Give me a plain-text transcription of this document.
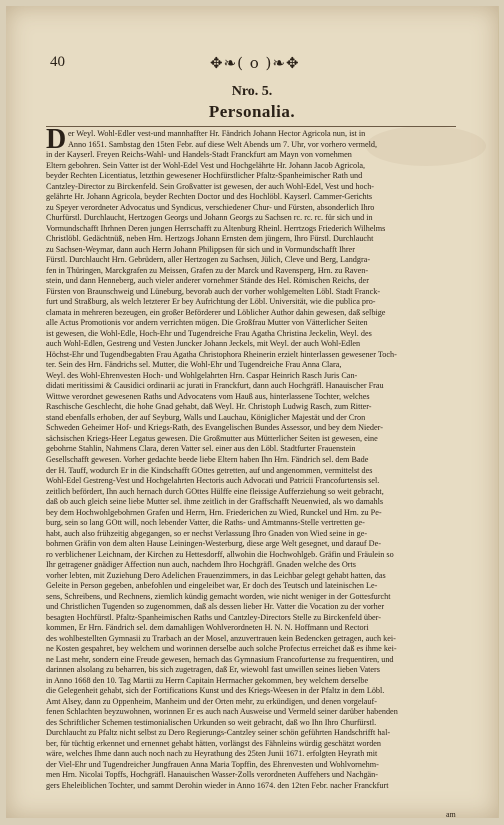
40	✥❧( o )❧✥
Nro. 5.
Personalia.
D er Weyl. Wohl-Edler vest-und mannhaffter Hr. Fändrich Johann Hector Agricola nun, ist in
Anno 1651. Sambstag den 15ten Febr. auf diese Welt Abends um 7. Uhr, vor vorhero vermeld,
in der Kayserl. Freyen Reichs-Wahl- und Handels-Stadt Franckfurt am Mayn von vornehmen
Eltern gebohren. Sein Vatter ist der Wohl-Edel Vest und Hochgelährte Hr. Johann Jacob Agricola,
beyder Rechten Licentiatus, letzthin gewesener Hochfürstlicher Pfaltz-Spanheimischer Rath und
Cantzley-Director zu Birckenfeld. Sein Großvatter ist gewesen, der auch Wohl-Edel, Vest und hoch-
gelährte Hr. Johann Agricola, beyder Rechten Doctor und des Hochlöbl. Kayserl. Cammer-Gerichts
zu Speyer verordneter Advocatus und Syndicus, verschiedener Chur- und Fürsten, absonderlich Ihro
Churfürstl. Durchlaucht, Hertzogen Georgs und Johann Georgs zu Sachsen rc. rc. rc. für sich und in
Vormundschafft Ihrhnen Deren jungen Herrschafft zu Altenburg Rheinl. Herrtzogs Friederich Wilhelms
Christlöbl. Gedächtnüß, neben Hrn. Hertzogs Johann Ernsten dem jüngern, Ihro Fürstl. Durchlaucht
zu Sachsen-Weymar, dann auch Herrn Johann Philippsen für sich und in Vormundschafft Ihrer
Fürstl. Durchlaucht Hrn. Gebrüdern, aller Hertzogen zu Sachsen, Jülich, Cleve und Berg, Landgra-
fen in Thüringen, Marckgrafen zu Meissen, Grafen zu der Marck und Ravensperg, Hrn. zu Raven-
stein, und dann Henneberg, auch vieler anderer vornehmer Stände des Hel. Römischen Reichs, der
Fürsten von Braunschweig und Lüneburg, bevorab auch der vorher wohlgemelten Löbl. Stadt Franck-
furt und Straßburg, als welch letzterer Er bey Aufrichtung der Löbl. Universität, wie die publica pro-
clamata in mehreren bezeugen, ein großer Beförderer und Löblicher Author dahin gewesen, daß selbige
alle Actus Promotionis vor andern verrichten mögen. Die Großfrau Mutter von Vätterlicher Seiten
ist gewesen, die Wohl-Edle, Hoch-Ehr und Tugendreiche Frau Agatha Christina Jeckelin, Weyl. des
auch Wohl-Edlen, Gestreng und Vesten Juncker Johann Jeckels, mit Weyl. der auch Wohl-Edlen
Höchst-Ehr und Tugendbegabten Frau Agatha Christophora Rheinerin erzielt hinterlassen gewesener Toch-
ter. Sein des Hrn. Fändrichs sel. Mutter, die Wohl-Ehr und Tugendreiche Frau Anna Clara,
Weyl. des Wohl-Ehrenvesten Hoch- und Wohlgelahrten Hrn. Caspar Heinrich Rasch Juris Can-
didati meritissimi & Causidici ordinarii ac jurati in Franckfurt, dann auch Hochgräfl. Hanauischer Frau
Wittwe verordnet gewesenen Raths und Advocatens vom Hauß aus, hinterlassene Tochter, welches
Raschische Geschlecht, die hohe Gnad gehabt, daß Weyl. Hr. Christoph Ludwig Rasch, zum Ritter-
stand ebenfalls erhoben, der auf Seyburg, Walls und Lauchau, Königlicher Majestät und der Cron
Schweden Geheimer Hof- und Kriegs-Rath, des Evangelischen Bundes Assessor, und bey dem Nieder-
sächsischen Kriegs-Heer Legatus gewesen. Die Großmutter aus Mütterlicher Seiten ist gewesen, eine
gebohrne Stahlin, Nahmens Clara, deren Vatter sel. einer aus den Löbl. Stadtfurter Frauenstein
Gesellschafft gewesen. Vorher gedachte beede liebe Eltern haben Ihn Hrn. Fändrich sel. dem Bade
der H. Tauff, wodurch Er in die Kindschafft GOttes getretten, auf und angenommen, vermittelst des
Wohl-Edel Gestreng-Vest und Hochgelahrten Hectoris auch Advocati und Patricii Francofurtensis sel.
zeitlich befördert, Ihn auch hernach durch GOttes Hülffe eine fleissige Aufferziehung so weit gebracht,
daß ob auch gleich seine liebe Mutter sel. ihme zeitlich in der Graffschafft Neuenwied, als wo damahls
bey dem Hochwohlgebohrnen Grafen und Herrn, Hrn. Friederichen zu Wied, Runckel und Hrn. zu Pe-
burg, sein so lang GOtt will, noch lebender Vatter, die Raths- und Amtmanns-Stelle vertretten ge-
habt, auch also frühzeitig abgegangen, so er nechst Verlassung Ihro Gnaden von Wied seine in ge-
bohrnen Gräfin von dem alten Hause Leiningen-Westerburg, diese arge Welt gesegnet, und darauf De-
ro verblichener Leichnam, der Kirchen zu Hettesdorff, allwohin die Hochwohlgeb. Gräfin und Fräulein so
Ihr getragener gnädiger Affection nun auch, nachdem Ihro Hochgräfl. Gnaden welche des Orts
vorher lebten, mit Zuziehung Dero Adelichen Frauenzimmers, in das Leichbar gelegt gehabt hatten, das
Geleite in Person gegeben, anbefohlen und eingeleibet war, Er doch des Teutsch und lateinischen Le-
sens, Schreibens, und Rechnens, ziemlich kündig gemacht worden, wie nicht weniger in der Gottesfurcht
und Christlichen Tugenden so zugenommen, daß als dessen lieber Hr. Vatter die Vocation zu der vorher
besagten Hochfürstl. Pfaltz-Spanheimischen Raths und Cantzley-Directors Stelle zu Birckenfeld über-
kommen, Er Hrn. Fändrich sel. dem damahligen Wohlverordneten H. N. N. Hoffmann und Rectori
des wohlbestellten Gymnasii zu Trarbach an der Mosel, anzuvertrauen kein Bedencken getragen, auch kei-
ne Kosten gespahret, bey welchem und worinnen derselbe auch solche Profectus erreichet daß es ihme kei-
ne Last mehr, sondern eine Freude gewesen, hernach das Gymnasium Francofurtense zu frequentiren, und
darinnen alsolang zu beharren, bis sich zugetragen, daß Er, wiewohl fast unwillen seines lieben Vaters
in Anno 1668 den 10. Tag Martii zu Herrn Capitain Herrnacher gekommen, bey welchem derselbe
die Gelegenheit gehabt, sich der Fortifications Kunst und des Kriegs-Weesen in der Pfaltz in dem Löbl.
Amt Alsey, dann zu Oppenheim, Manheim und der Orten mehr, zu erkündigen, und denen vorgelauf-
fenen Schlachten beyzuwohnen, worinnen Er es auch nach Ausweise und Vermeld seiner darüber habenden
des Schriftlicher Schemen testimonialischen Urkunden so weit gebracht, daß wo Ihn Ihro Churfürstl.
Durchlaucht zu Pfaltz nicht selbst zu Dero Regierungs-Cantzley seiner schön geführten Handschrifft hal-
ber, für tüchtig erkennet und ernennet gehabt hätten, vorlängst des Fähnleins würdig geschätzt worden
wäre, welches Ihme dann auch noch nach zu Heyrathung des 25ten Junii 1671. erfolgten Heyrath mit
der Viel-Ehr und Tugendreicher Jungfrauen Anna Maria Topffin, des Ehrenvesten und Wohlvornehm-
men Hrn. Nicolai Topffs, Hochgräfl. Hanauischen Wasser-Zolls verordneten Auffehers und Nachgän-
gers Eheleiblichen Tochter, und sammt Derohin wieder in Anno 1674. den 12ten Febr. nacher Franckfurt
am
